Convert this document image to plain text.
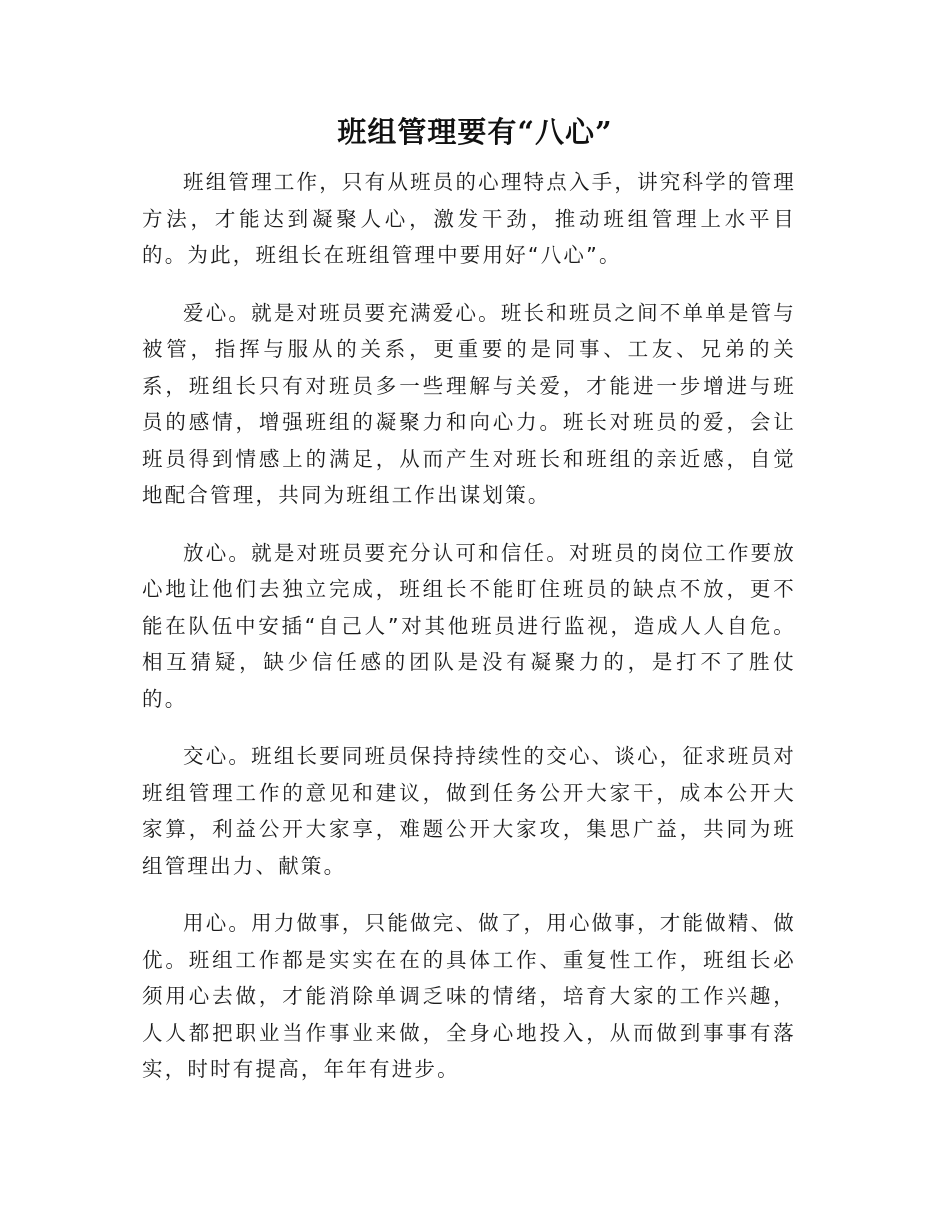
班组管理要有“八心”

班组管理工作，只有从班员的心理特点入手，讲究科学的管理方法，才能达到凝聚人心，激发干劲，推动班组管理上水平目的。为此，班组长在班组管理中要用好“八心”。

爱心。就是对班员要充满爱心。班长和班员之间不单单是管与被管，指挥与服从的关系，更重要的是同事、工友、兄弟的关系，班组长只有对班员多一些理解与关爱，才能进一步增进与班员的感情，增强班组的凝聚力和向心力。班长对班员的爱，会让班员得到情感上的满足，从而产生对班长和班组的亲近感，自觉地配合管理，共同为班组工作出谋划策。

放心。就是对班员要充分认可和信任。对班员的岗位工作要放心地让他们去独立完成，班组长不能盯住班员的缺点不放，更不能在队伍中安插“自己人”对其他班员进行监视，造成人人自危。相互猜疑，缺少信任感的团队是没有凝聚力的，是打不了胜仗的。

交心。班组长要同班员保持持续性的交心、谈心，征求班员对班组管理工作的意见和建议，做到任务公开大家干，成本公开大家算，利益公开大家享，难题公开大家攻，集思广益，共同为班组管理出力、献策。

用心。用力做事，只能做完、做了，用心做事，才能做精、做优。班组工作都是实实在在的具体工作、重复性工作，班组长必须用心去做，才能消除单调乏味的情绪，培育大家的工作兴趣，人人都把职业当作事业来做，全身心地投入，从而做到事事有落实，时时有提高，年年有进步。
